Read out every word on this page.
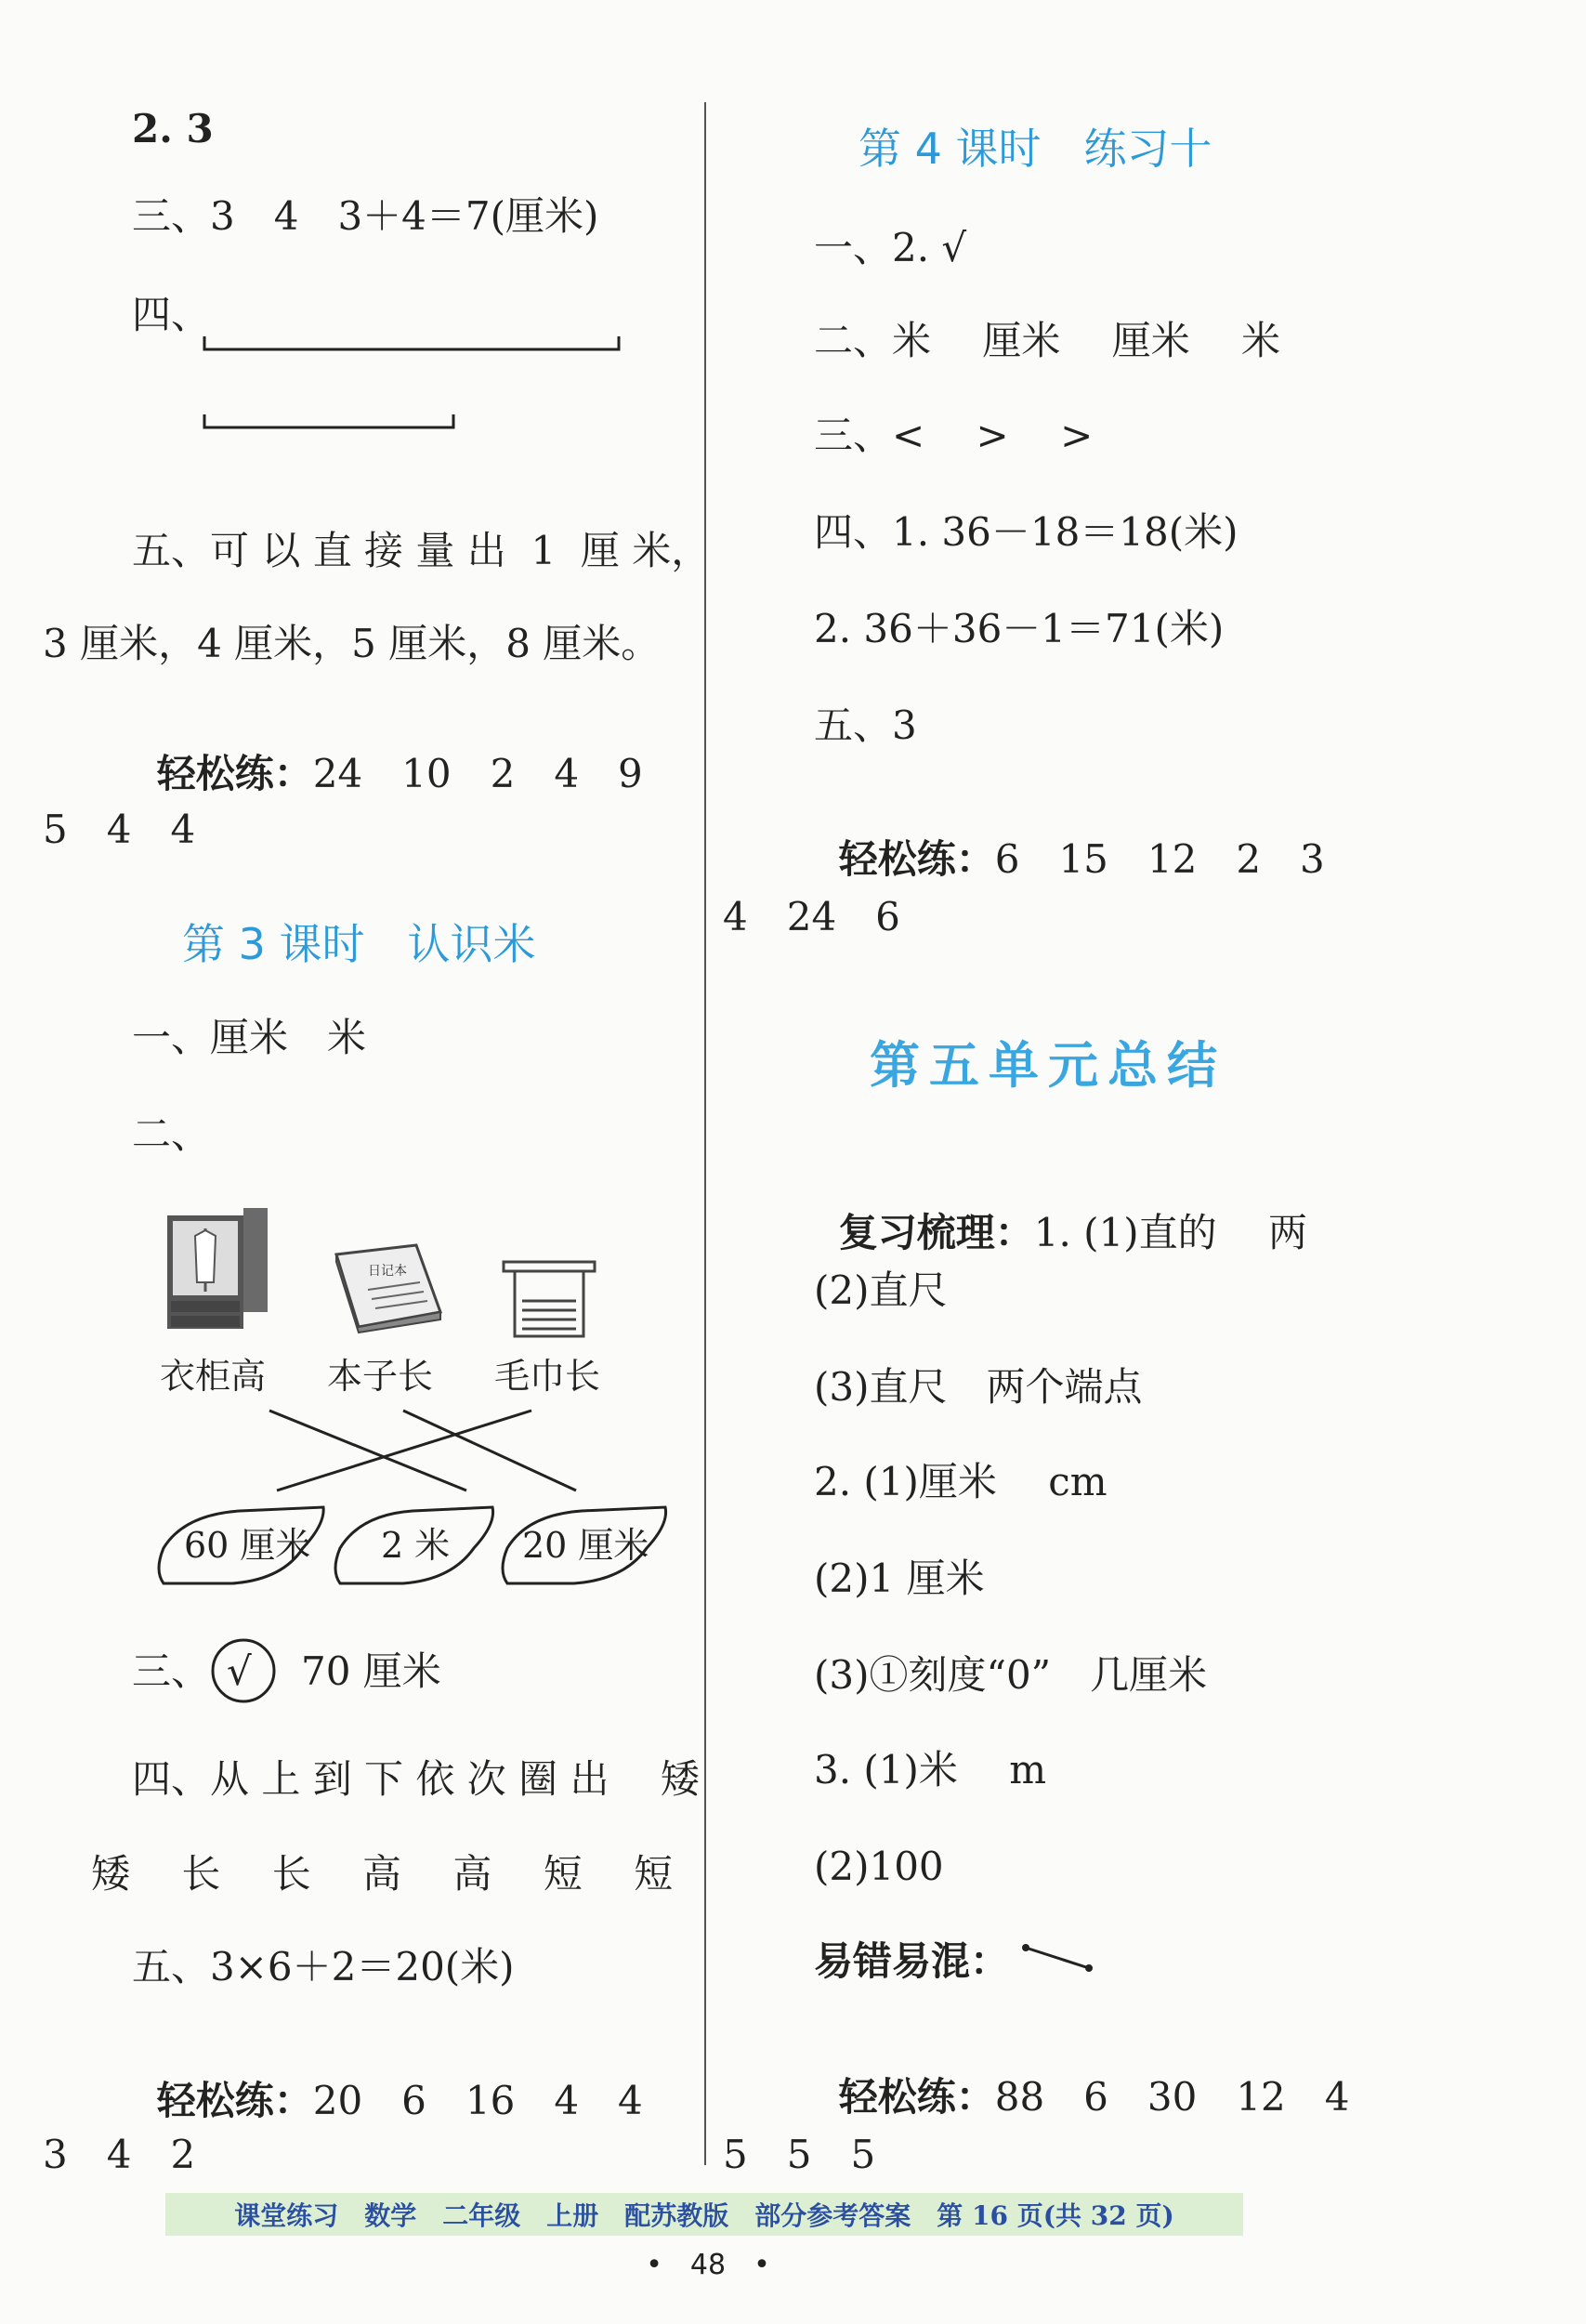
2. 3
三、3　4　3＋4＝7(厘米)
四、
五、可 以 直 接 量 出  1  厘 米，
3 厘米，4 厘米，5 厘米，8 厘米。

轻松练：24　10　2　4　9

5　4　4
第 3 课时　认识米
一、厘米　米
二、
日记本
衣柜高 本子长 毛巾长
60 厘米 2 米 20 厘米
三、 √ 70 厘米
四、从 上 到 下 依 次 圈 出　 矮
矮　 长　 长　 高　 高　 短　 短
五、3×6＋2＝20(米)

轻松练：20　6　16　4　4

3　4　2
第 4 课时　练习十
一、2. √
二、米　 厘米　 厘米　 米
三、<　 >　 >
四、1. 36－18＝18(米)
2. 36＋36－1＝71(米)
五、3

轻松练：6　15　12　2　3

4　24　6
第五单元总结

复习梳理：1. (1)直的　 两

(2)直尺
(3)直尺　两个端点
2. (1)厘米　 cm
(2)1 厘米
(3)①刻度“0”　几厘米
3. (1)米　 m
(2)100
易错易混：

轻松练：88　6　30　12　4

5　5　5
课堂练习　数学　二年级　上册　配苏教版　部分参考答案　第 16 页(共 32 页)
•　48　•
